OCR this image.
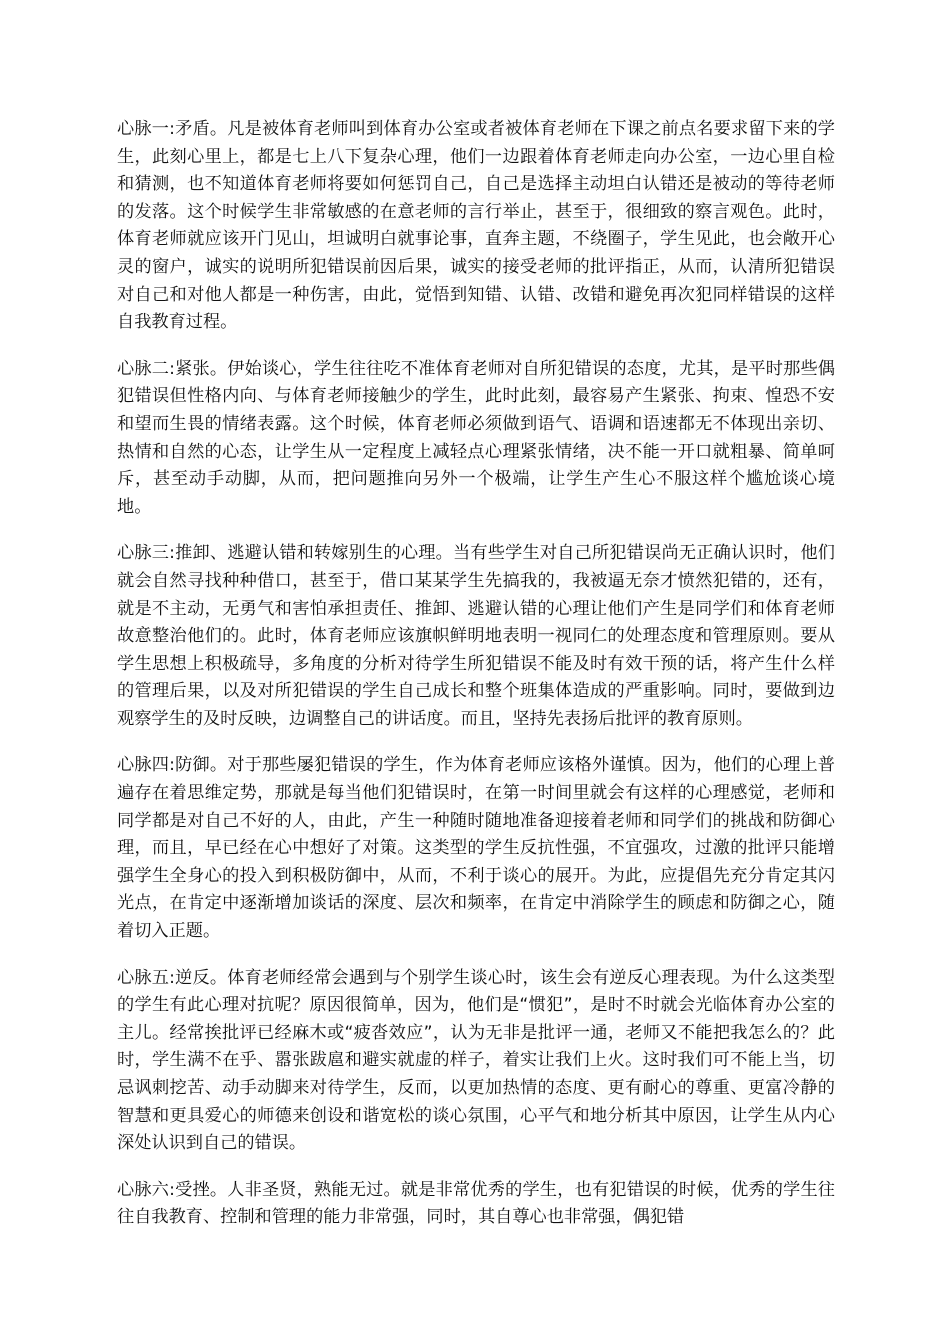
心脉一:矛盾。凡是被体育老师叫到体育办公室或者被体育老师在下课之前点名要求留下来的学生，此刻心里上，都是七上八下复杂心理，他们一边跟着体育老师走向办公室，一边心里自检和猜测，也不知道体育老师将要如何惩罚自己，自己是选择主动坦白认错还是被动的等待老师的发落。这个时候学生非常敏感的在意老师的言行举止，甚至于，很细致的察言观色。此时，体育老师就应该开门见山，坦诚明白就事论事，直奔主题，不绕圈子，学生见此，也会敞开心灵的窗户，诚实的说明所犯错误前因后果，诚实的接受老师的批评指正，从而，认清所犯错误对自己和对他人都是一种伤害，由此，觉悟到知错、认错、改错和避免再次犯同样错误的这样自我教育过程。

心脉二:紧张。伊始谈心，学生往往吃不准体育老师对自所犯错误的态度，尤其，是平时那些偶犯错误但性格内向、与体育老师接触少的学生，此时此刻，最容易产生紧张、拘束、惶恐不安和望而生畏的情绪表露。这个时候，体育老师必须做到语气、语调和语速都无不体现出亲切、热情和自然的心态，让学生从一定程度上减轻点心理紧张情绪，决不能一开口就粗暴、简单呵斥，甚至动手动脚，从而，把问题推向另外一个极端，让学生产生心不服这样个尴尬谈心境地。

心脉三:推卸、逃避认错和转嫁别生的心理。当有些学生对自己所犯错误尚无正确认识时，他们就会自然寻找种种借口，甚至于，借口某某学生先搞我的，我被逼无奈才愤然犯错的，还有，就是不主动，无勇气和害怕承担责任、推卸、逃避认错的心理让他们产生是同学们和体育老师故意整治他们的。此时，体育老师应该旗帜鲜明地表明一视同仁的处理态度和管理原则。要从学生思想上积极疏导，多角度的分析对待学生所犯错误不能及时有效干预的话，将产生什么样的管理后果，以及对所犯错误的学生自己成长和整个班集体造成的严重影响。同时，要做到边观察学生的及时反映，边调整自己的讲话度。而且，坚持先表扬后批评的教育原则。

心脉四:防御。对于那些屡犯错误的学生，作为体育老师应该格外谨慎。因为，他们的心理上普遍存在着思维定势，那就是每当他们犯错误时，在第一时间里就会有这样的心理感觉，老师和同学都是对自己不好的人，由此，产生一种随时随地准备迎接着老师和同学们的挑战和防御心理，而且，早已经在心中想好了对策。这类型的学生反抗性强，不宜强攻，过激的批评只能增强学生全身心的投入到积极防御中，从而，不利于谈心的展开。为此，应提倡先充分肯定其闪光点，在肯定中逐渐增加谈话的深度、层次和频率，在肯定中消除学生的顾虑和防御之心，随着切入正题。

心脉五:逆反。体育老师经常会遇到与个别学生谈心时，该生会有逆反心理表现。为什么这类型的学生有此心理对抗呢？原因很简单，因为，他们是“惯犯”，是时不时就会光临体育办公室的主儿。经常挨批评已经麻木或“疲沓效应”，认为无非是批评一通，老师又不能把我怎么的？此时，学生满不在乎、嚣张跋扈和避实就虚的样子，着实让我们上火。这时我们可不能上当，切忌讽刺挖苦、动手动脚来对待学生，反而，以更加热情的态度、更有耐心的尊重、更富冷静的智慧和更具爱心的师德来创设和谐宽松的谈心氛围，心平气和地分析其中原因，让学生从内心深处认识到自己的错误。

心脉六:受挫。人非圣贤，熟能无过。就是非常优秀的学生，也有犯错误的时候，优秀的学生往往自我教育、控制和管理的能力非常强，同时，其自尊心也非常强，偶犯错
